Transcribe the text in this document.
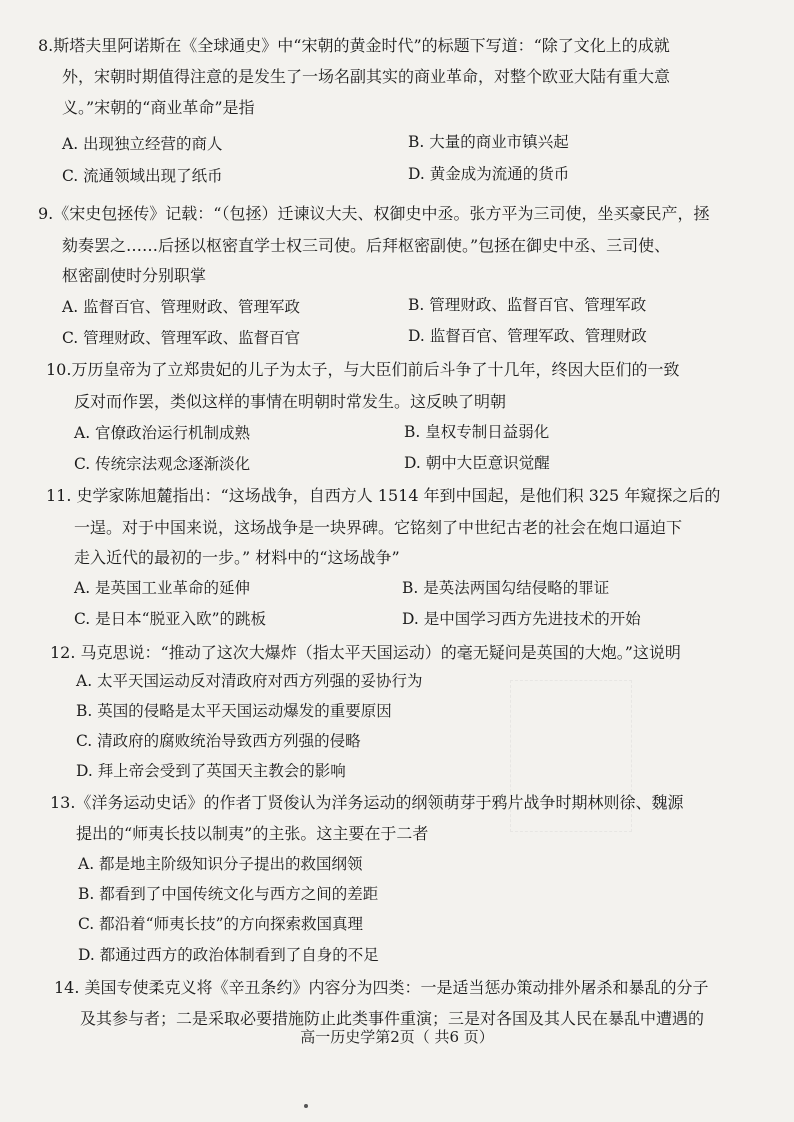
8.斯塔夫里阿诺斯在《全球通史》中“宋朝的黄金时代”的标题下写道：“除了文化上的成就
外，宋朝时期值得注意的是发生了一场名副其实的商业革命，对整个欧亚大陆有重大意
义。”宋朝的“商业革命”是指
A. 出现独立经营的商人	B. 大量的商业市镇兴起
C. 流通领域出现了纸币	D. 黄金成为流通的货币
9.《宋史包拯传》记载：“（包拯）迁谏议大夫、权御史中丞。张方平为三司使，坐买豪民产，拯
劾奏罢之……后拯以枢密直学士权三司使。后拜枢密副使。”包拯在御史中丞、三司使、
枢密副使时分别职掌
A. 监督百官、管理财政、管理军政	B. 管理财政、监督百官、管理军政
C. 管理财政、管理军政、监督百官	D. 监督百官、管理军政、管理财政
10.万历皇帝为了立郑贵妃的儿子为太子，与大臣们前后斗争了十几年，终因大臣们的一致
反对而作罢，类似这样的事情在明朝时常发生。这反映了明朝
A. 官僚政治运行机制成熟	B. 皇权专制日益弱化
C. 传统宗法观念逐渐淡化	D. 朝中大臣意识觉醒
11. 史学家陈旭麓指出：“这场战争，自西方人 1514 年到中国起，是他们积 325 年窥探之后的
一逞。对于中国来说，这场战争是一块界碑。它铭刻了中世纪古老的社会在炮口逼迫下
走入近代的最初的一步。” 材料中的“这场战争”
A. 是英国工业革命的延伸	B. 是英法两国勾结侵略的罪证
C. 是日本“脱亚入欧”的跳板	D. 是中国学习西方先进技术的开始
12. 马克思说：“推动了这次大爆炸（指太平天国运动）的毫无疑问是英国的大炮。”这说明
A. 太平天国运动反对清政府对西方列强的妥协行为
B. 英国的侵略是太平天国运动爆发的重要原因
C. 清政府的腐败统治导致西方列强的侵略
D. 拜上帝会受到了英国天主教会的影响
13.《洋务运动史话》的作者丁贤俊认为洋务运动的纲领萌芽于鸦片战争时期林则徐、魏源
提出的“师夷长技以制夷”的主张。这主要在于二者
A. 都是地主阶级知识分子提出的救国纲领
B. 都看到了中国传统文化与西方之间的差距
C. 都沿着“师夷长技”的方向探索救国真理
D. 都通过西方的政治体制看到了自身的不足
14. 美国专使柔克义将《辛丑条约》内容分为四类：一是适当惩办策动排外屠杀和暴乱的分子
及其参与者；二是采取必要措施防止此类事件重演；三是对各国及其人民在暴乱中遭遇的
高一历史学第2页（ 共6 页）
